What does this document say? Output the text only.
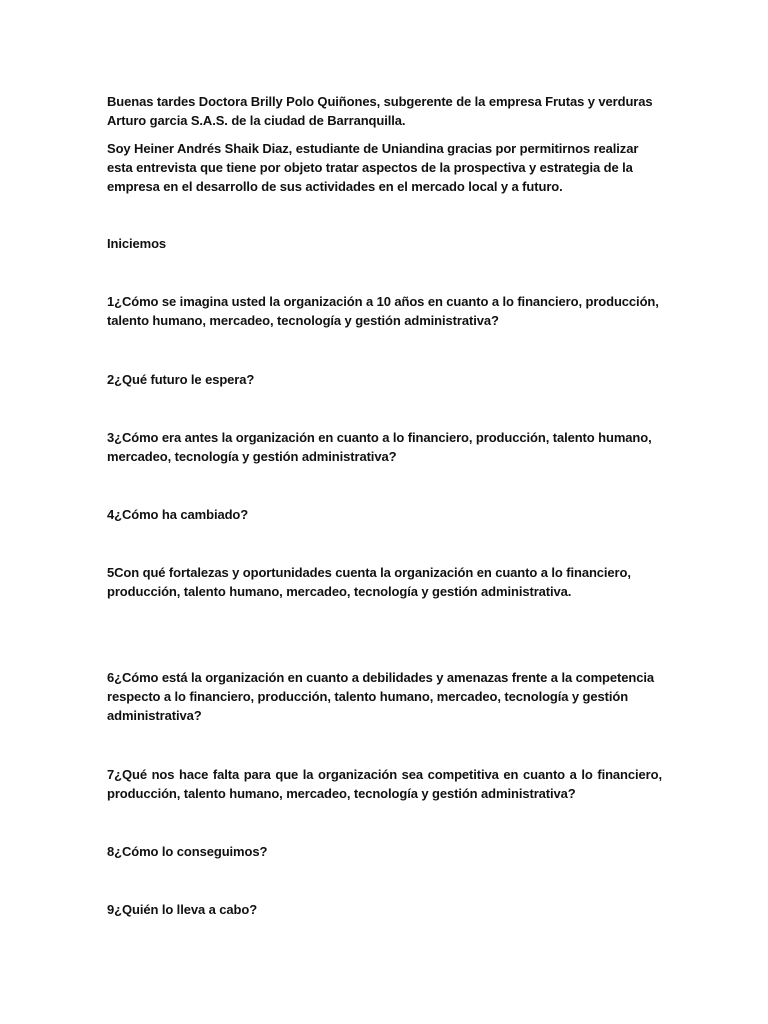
Buenas tardes Doctora Brilly Polo Quiñones, subgerente de la empresa Frutas y verduras Arturo garcia S.A.S. de la ciudad de Barranquilla.

Soy Heiner Andrés Shaik Diaz, estudiante de Uniandina gracias por permitirnos realizar esta entrevista que tiene por objeto tratar aspectos de la prospectiva y estrategia de la empresa en el desarrollo de sus actividades en el mercado local y a futuro.

Iniciemos

1¿Cómo se imagina usted la organización a 10 años en cuanto a lo financiero, producción, talento humano, mercadeo, tecnología y gestión administrativa?

2¿Qué futuro le espera?

3¿Cómo era antes la organización en cuanto a lo financiero, producción, talento humano, mercadeo, tecnología y gestión administrativa?

4¿Cómo ha cambiado?

5Con qué fortalezas y oportunidades cuenta la organización en cuanto a lo financiero, producción, talento humano, mercadeo, tecnología y gestión administrativa.

6¿Cómo está la organización en cuanto a debilidades y amenazas frente a la competencia respecto a lo financiero, producción, talento humano, mercadeo, tecnología y gestión administrativa?

7¿Qué nos hace falta para que la organización sea competitiva en cuanto a lo financiero, producción, talento humano, mercadeo, tecnología y gestión administrativa?

8¿Cómo lo conseguimos?

9¿Quién lo lleva a cabo?
